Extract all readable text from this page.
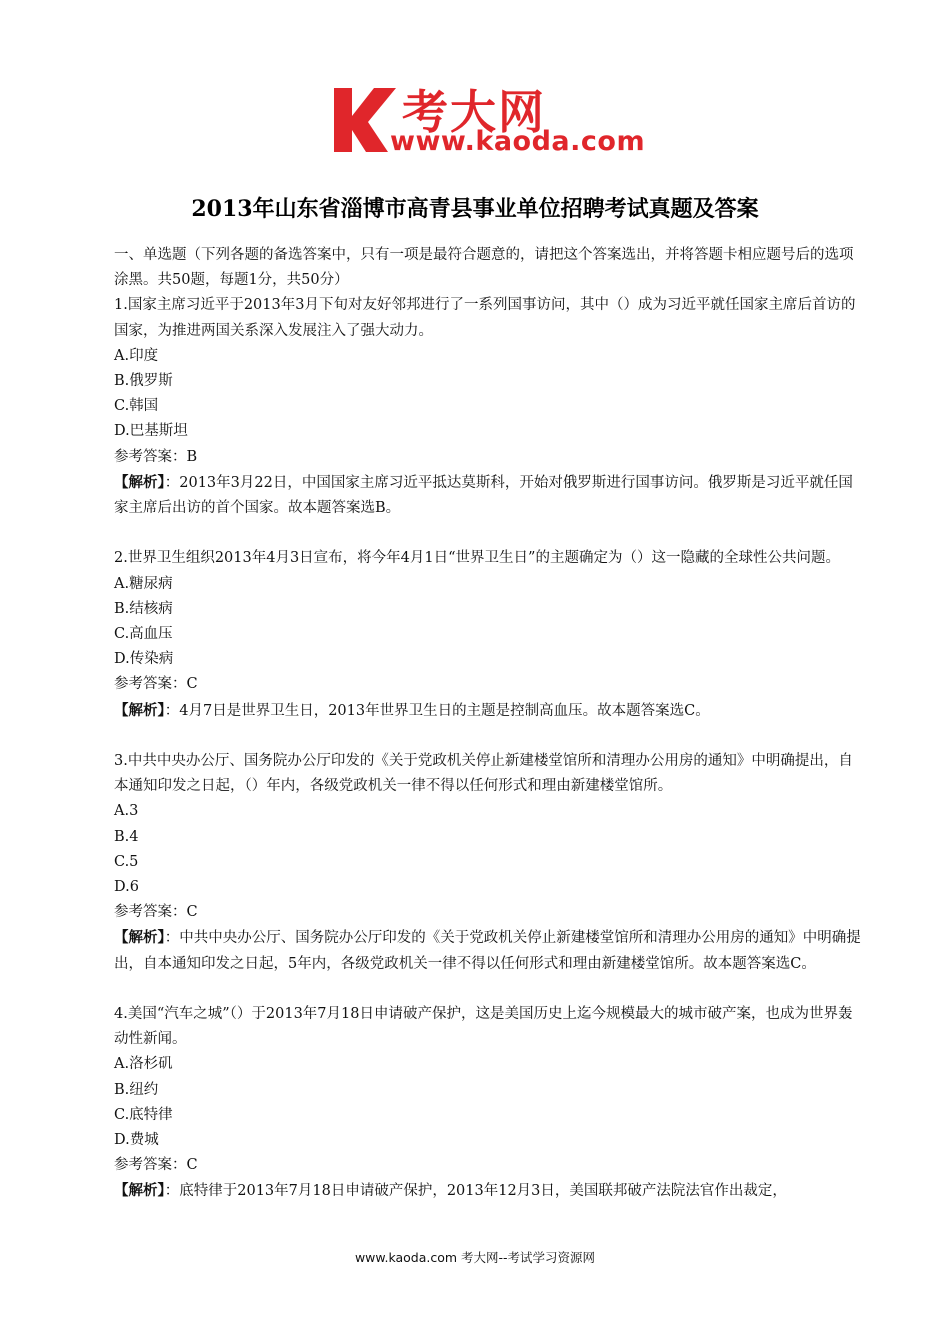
考大网
www.kaoda.com
2013年山东省淄博市高青县事业单位招聘考试真题及答案

一、单选题（下列各题的备选答案中，只有一项是最符合题意的，请把这个答案选出，并将答题卡相应题号后的选项涂黑。共50题，每题1分，共50分）

1.国家主席习近平于2013年3月下旬对友好邻邦进行了一系列国事访问，其中（）成为习近平就任国家主席后首访的国家，为推进两国关系深入发展注入了强大动力。

A.印度

B.俄罗斯

C.韩国

D.巴基斯坦

参考答案：B

【解析】：2013年3月22日，中国国家主席习近平抵达莫斯科，开始对俄罗斯进行国事访问。俄罗斯是习近平就任国家主席后出访的首个国家。故本题答案选B。

2.世界卫生组织2013年4月3日宣布，将今年4月1日“世界卫生日”的主题确定为（）这一隐藏的全球性公共问题。

A.糖尿病

B.结核病

C.高血压

D.传染病

参考答案：C

【解析】：4月7日是世界卫生日，2013年世界卫生日的主题是控制高血压。故本题答案选C。

3.中共中央办公厅、国务院办公厅印发的《关于党政机关停止新建楼堂馆所和清理办公用房的通知》中明确提出，自本通知印发之日起，（）年内，各级党政机关一律不得以任何形式和理由新建楼堂馆所。

A.3

B.4

C.5

D.6

参考答案：C

【解析】：中共中央办公厅、国务院办公厅印发的《关于党政机关停止新建楼堂馆所和清理办公用房的通知》中明确提出，自本通知印发之日起，5年内，各级党政机关一律不得以任何形式和理由新建楼堂馆所。故本题答案选C。

4.美国“汽车之城”（）于2013年7月18日申请破产保护，这是美国历史上迄今规模最大的城市破产案，也成为世界轰动性新闻。

A.洛杉矶

B.纽约

C.底特律

D.费城

参考答案：C

【解析】：底特律于2013年7月18日申请破产保护，2013年12月3日，美国联邦破产法院法官作出裁定，

www.kaoda.com 考大网--考试学习资源网
